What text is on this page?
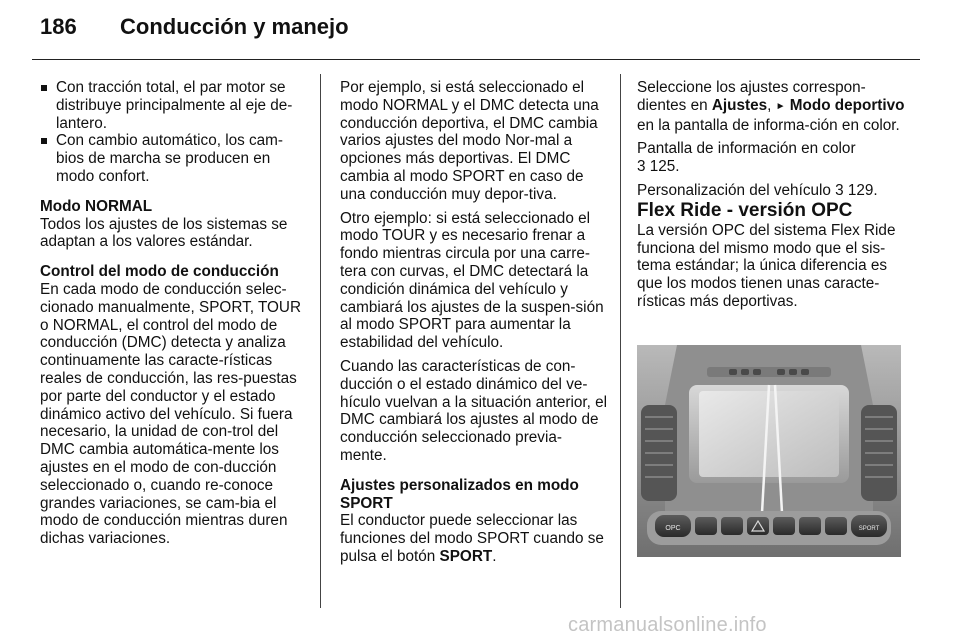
186 Conducción y manejo

Con tracción total, el par motor se distribuye principalmente al eje de-lantero.

Con cambio automático, los cam-bios de marcha se producen en modo confort.

Modo NORMAL

Todos los ajustes de los sistemas se adaptan a los valores estándar.

Control del modo de conducción

En cada modo de conducción selec-cionado manualmente, SPORT, TOUR o NORMAL, el control del modo de conducción (DMC) detecta y analiza continuamente las caracte-rísticas reales de conducción, las res-puestas por parte del conductor y el estado dinámico activo del vehículo. Si fuera necesario, la unidad de con-trol del DMC cambia automática-mente los ajustes en el modo de con-ducción seleccionado o, cuando re-conoce grandes variaciones, se cam-bia el modo de conducción mientras duren dichas variaciones.

Por ejemplo, si está seleccionado el modo NORMAL y el DMC detecta una conducción deportiva, el DMC cambia varios ajustes del modo Nor-mal a opciones más deportivas. El DMC cambia al modo SPORT en caso de una conducción muy depor-tiva.

Otro ejemplo: si está seleccionado el modo TOUR y es necesario frenar a fondo mientras circula por una carre-tera con curvas, el DMC detectará la condición dinámica del vehículo y cambiará los ajustes de la suspen-sión al modo SPORT para aumentar la estabilidad del vehículo.

Cuando las características de con-ducción o el estado dinámico del ve-hículo vuelvan a la situación anterior, el DMC cambiará los ajustes al modo de conducción seleccionado previa-mente.

Ajustes personalizados en modo SPORT

El conductor puede seleccionar las funciones del modo SPORT cuando se pulsa el botón SPORT.

Seleccione los ajustes correspon-dientes en Ajustes, ► Modo deportivo en la pantalla de informa-ción en color.

Pantalla de información en color
3 125.

Personalización del vehículo 3 129.

Flex Ride - versión OPC

La versión OPC del sistema Flex Ride funciona del mismo modo que el sis-tema estándar; la única diferencia es que los modos tienen unas caracte-rísticas más deportivas.

OPC	SPORT
carmanualsonline.info
